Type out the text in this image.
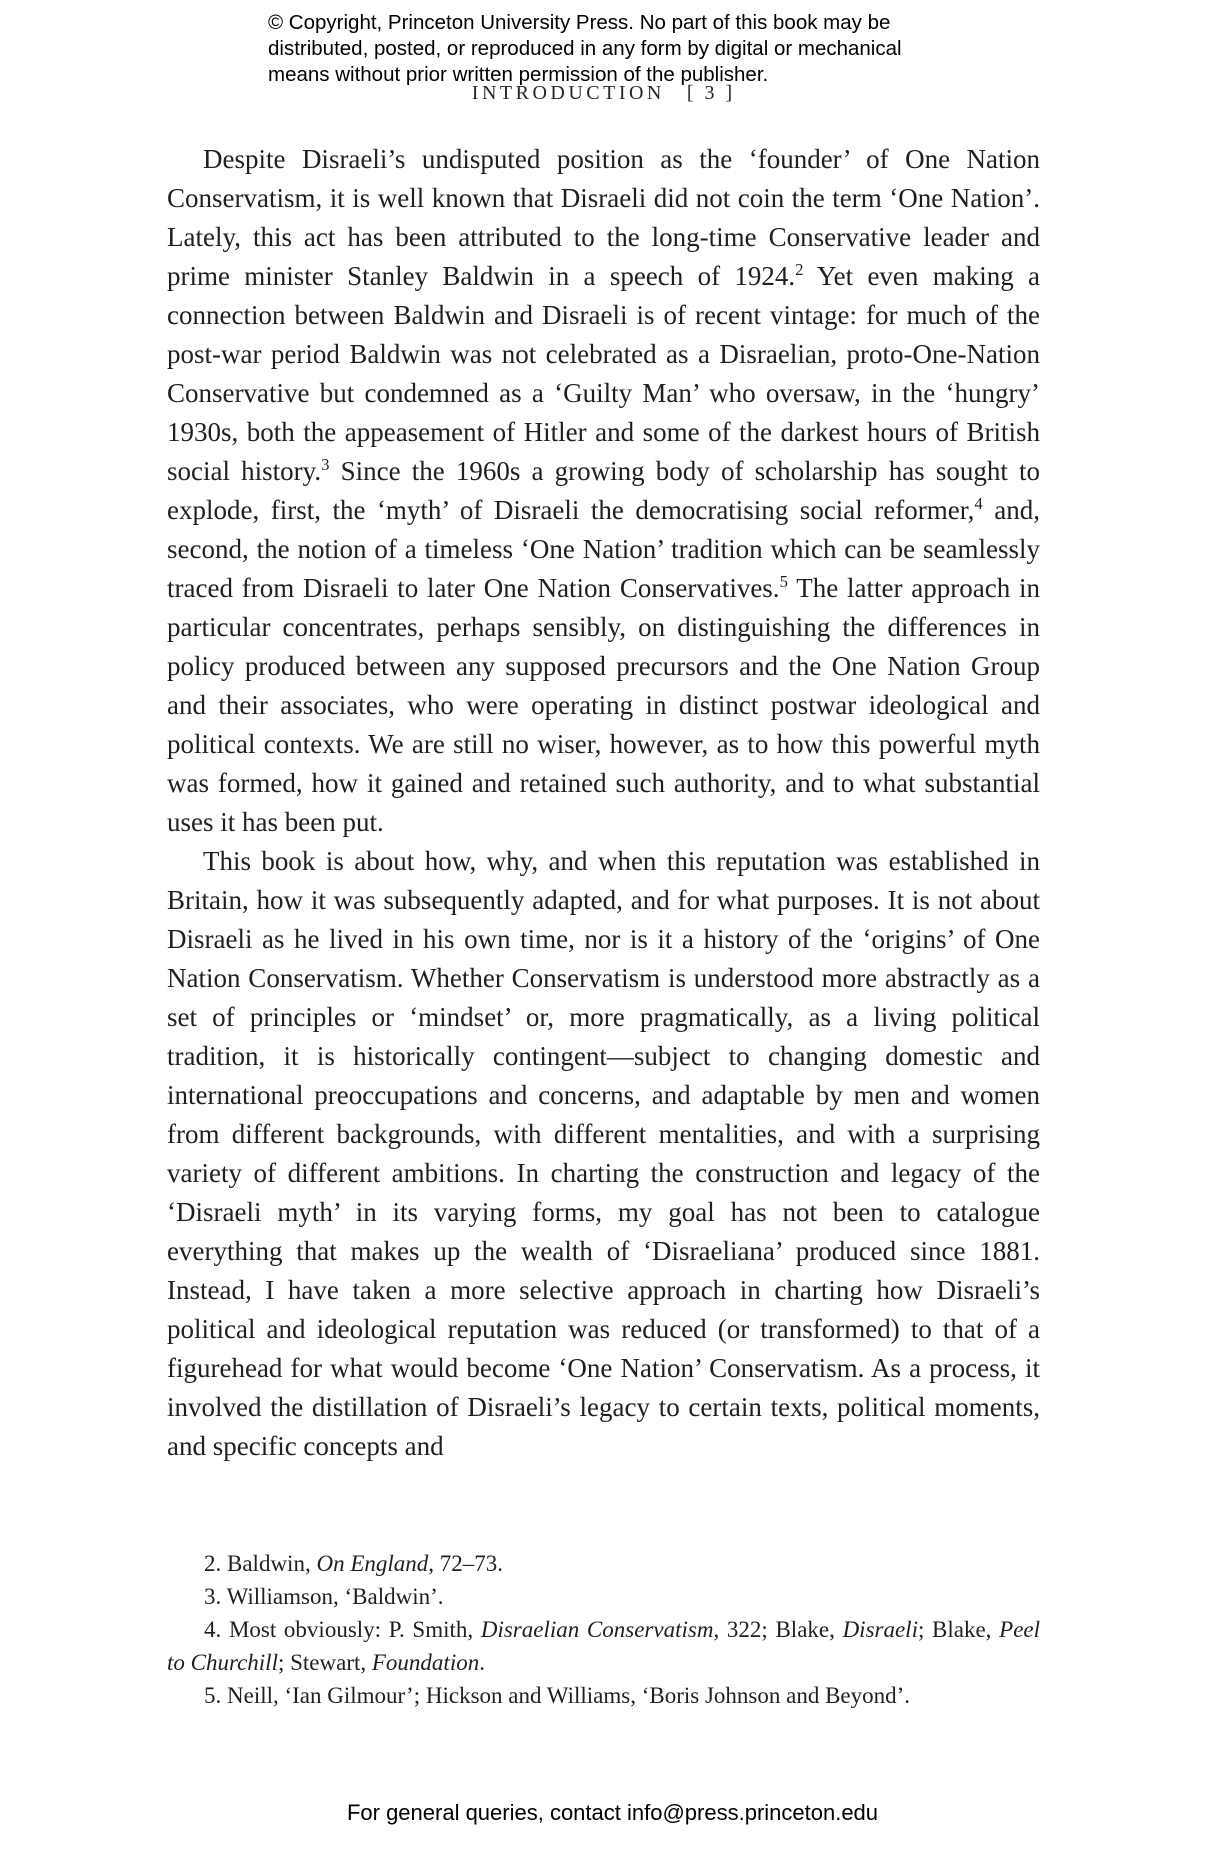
© Copyright, Princeton University Press. No part of this book may be
distributed, posted, or reproduced in any form by digital or mechanical
means without prior written permission of the publisher.
INTRODUCTION [ 3 ]

Despite Disraeli’s undisputed position as the ‘founder’ of One Nation Conservatism, it is well known that Disraeli did not coin the term ‘One Nation’. Lately, this act has been attributed to the long-time Conservative leader and prime minister Stanley Baldwin in a speech of 1924.$^2$ Yet even making a connection between Baldwin and Disraeli is of recent vintage: for much of the post-war period Baldwin was not celebrated as a Disraelian, proto-One-Nation Conservative but condemned as a ‘Guilty Man’ who oversaw, in the ‘hungry’ 1930s, both the appeasement of Hitler and some of the darkest hours of British social history.$^3$ Since the 1960s a growing body of scholarship has sought to explode, first, the ‘myth’ of Disraeli the democratising social reformer,$^4$ and, second, the notion of a timeless ‘One Nation’ tradition which can be seamlessly traced from Disraeli to later One Nation Conservatives.$^5$ The latter approach in particular concentrates, perhaps sensibly, on distinguishing the differences in policy produced between any supposed precursors and the One Nation Group and their associates, who were operating in distinct postwar ideological and political contexts. We are still no wiser, however, as to how this powerful myth was formed, how it gained and retained such authority, and to what substantial uses it has been put.

This book is about how, why, and when this reputation was established in Britain, how it was subsequently adapted, and for what purposes. It is not about Disraeli as he lived in his own time, nor is it a history of the ‘origins’ of One Nation Conservatism. Whether Conservatism is understood more abstractly as a set of principles or ‘mindset’ or, more pragmatically, as a living political tradition, it is historically contingent—subject to changing domestic and international preoccupations and concerns, and adaptable by men and women from different backgrounds, with different mentalities, and with a surprising variety of different ambitions. In charting the construction and legacy of the ‘Disraeli myth’ in its varying forms, my goal has not been to catalogue everything that makes up the wealth of ‘Disraeliana’ produced since 1881. Instead, I have taken a more selective approach in charting how Disraeli’s political and ideological reputation was reduced (or transformed) to that of a figurehead for what would become ‘One Nation’ Conservatism. As a process, it involved the distillation of Disraeli’s legacy to certain texts, political moments, and specific concepts and

2. Baldwin, On England, 72–73.

3. Williamson, ‘Baldwin’.

4. Most obviously: P. Smith, Disraelian Conservatism, 322; Blake, Disraeli; Blake, Peel to Churchill; Stewart, Foundation.

5. Neill, ‘Ian Gilmour’; Hickson and Williams, ‘Boris Johnson and Beyond’.

For general queries, contact info@press.princeton.edu
